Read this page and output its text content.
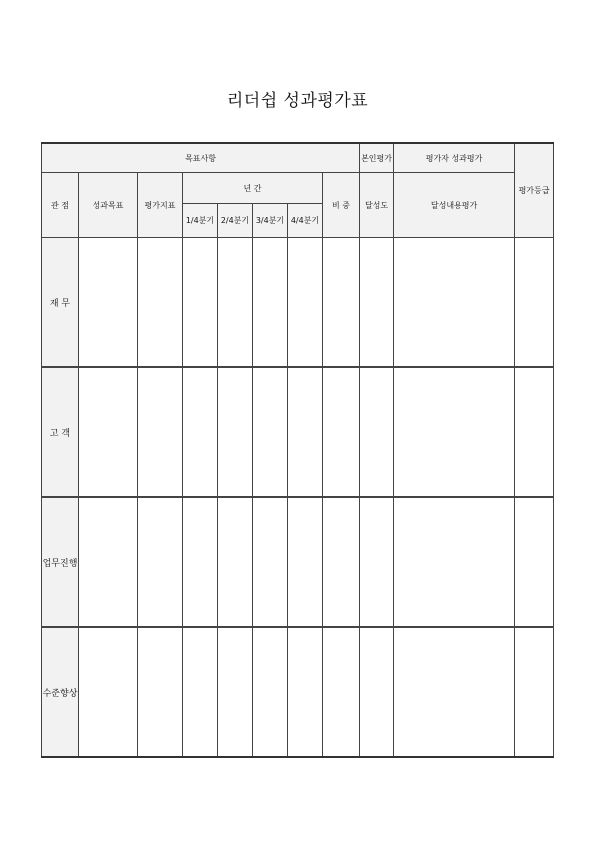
리더쉽 성과평가표
목표사항								본인평가	평가자 성과평가	평가등급
관 점	성과목표	평가지표	년 간				비 중	달성도	달성내용평가	
			1/4분기	2/4분기	3/4분기	4/4분기				
재 무										
고 객										
업무진행										
수준향상										
